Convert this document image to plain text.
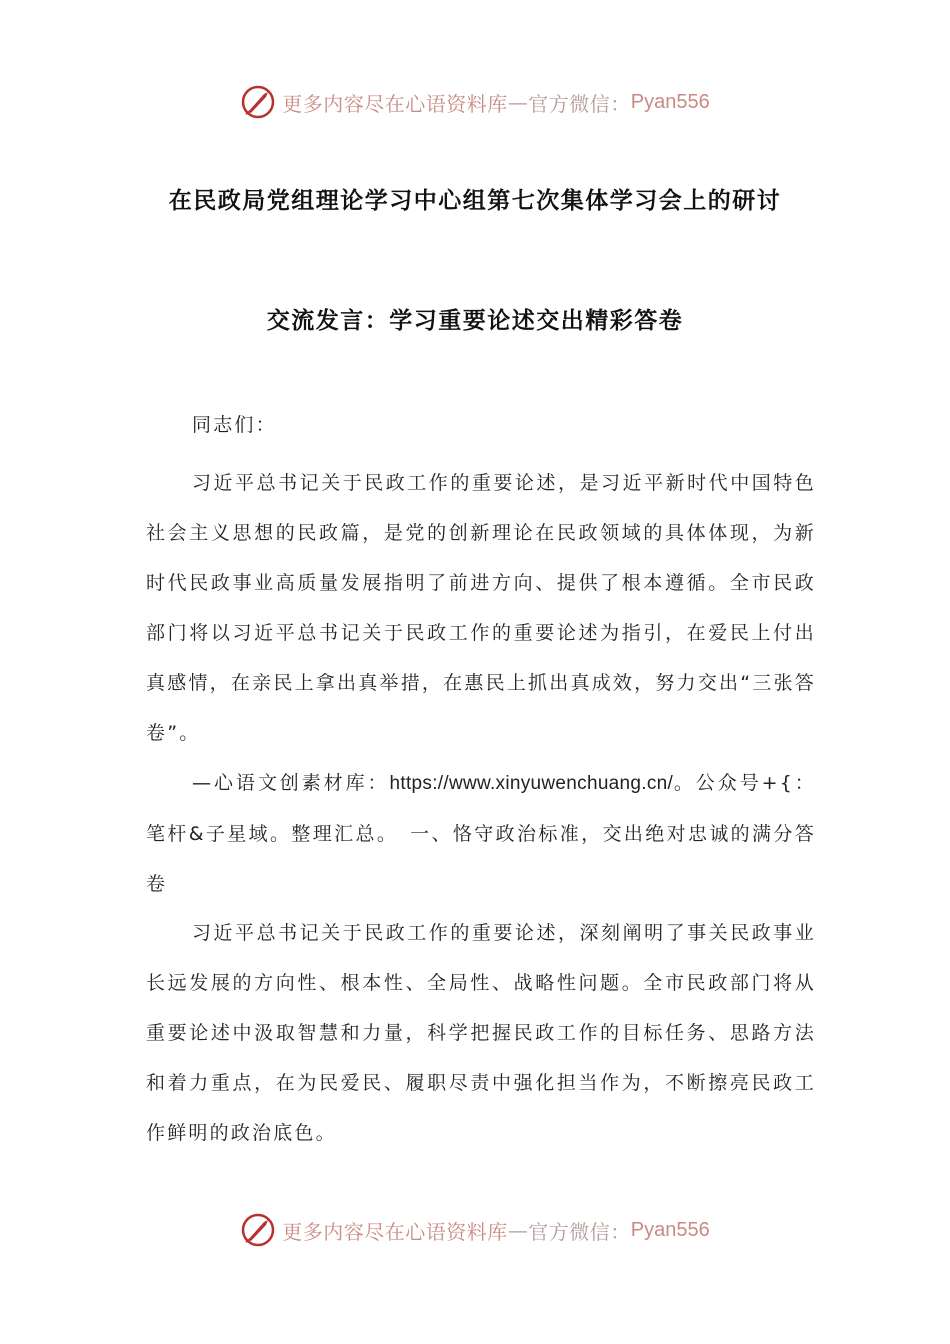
更多内容尽在心语资料库 — 官方微信： Pyan556
在民政局党组理论学习中心组第七次集体学习会上的研讨
交流发言：学习重要论述交出精彩答卷
同志们：

习近平总书记关于民政工作的重要论述，是习近平新时代中国特色社会主义思想的民政篇，是党的创新理论在民政领域的具体体现，为新时代民政事业高质量发展指明了前进方向、提供了根本遵循。全市民政部门将以习近平总书记关于民政工作的重要论述为指引，在爱民上付出真感情，在亲民上拿出真举措，在惠民上抓出真成效，努力交出“三张答卷”。

—心语文创素材库：https://www.xinyuwenchuang.cn/。公众号+{：笔杆&子星域。整理汇总。　一、恪守政治标准，交出绝对忠诚的满分答卷

习近平总书记关于民政工作的重要论述，深刻阐明了事关民政事业长远发展的方向性、根本性、全局性、战略性问题。全市民政部门将从重要论述中汲取智慧和力量，科学把握民政工作的目标任务、思路方法和着力重点，在为民爱民、履职尽责中强化担当作为，不断擦亮民政工作鲜明的政治底色。

更多内容尽在心语资料库 — 官方微信： Pyan556
